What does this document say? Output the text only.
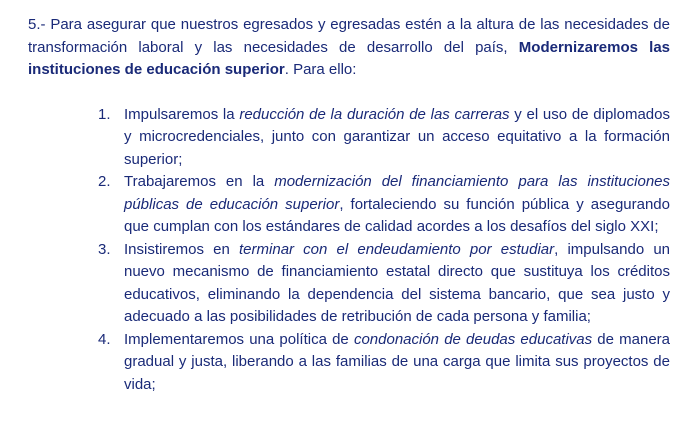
5.- Para asegurar que nuestros egresados y egresadas estén a la altura de las necesidades de transformación laboral y las necesidades de desarrollo del país, Modernizaremos las instituciones de educación superior. Para ello:

1. Impulsaremos la reducción de la duración de las carreras y el uso de diplomados y microcredenciales, junto con garantizar un acceso equitativo a la formación superior;
2. Trabajaremos en la modernización del financiamiento para las instituciones públicas de educación superior, fortaleciendo su función pública y asegurando que cumplan con los estándares de calidad acordes a los desafíos del siglo XXI;
3. Insistiremos en terminar con el endeudamiento por estudiar, impulsando un nuevo mecanismo de financiamiento estatal directo que sustituya los créditos educativos, eliminando la dependencia del sistema bancario, que sea justo y adecuado a las posibilidades de retribución de cada persona y familia;
4. Implementaremos una política de condonación de deudas educativas de manera gradual y justa, liberando a las familias de una carga que limita sus proyectos de vida;
